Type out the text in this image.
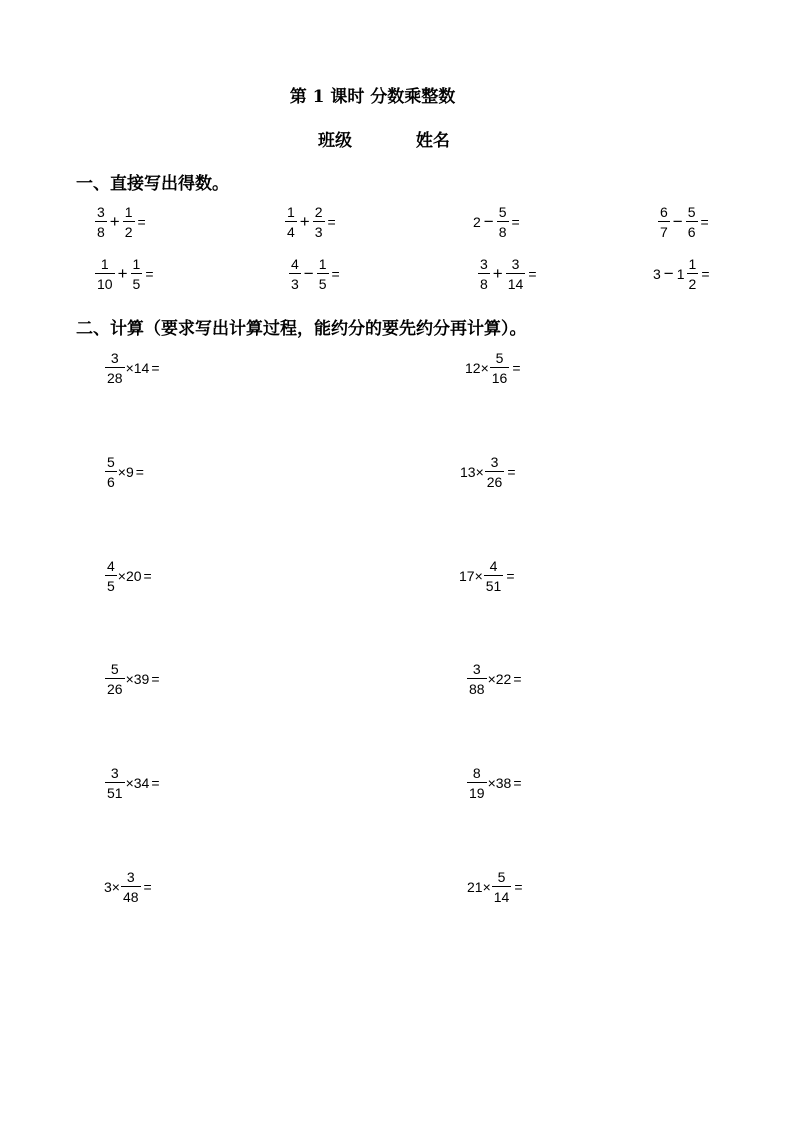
第 1 课时 分数乘整数
班级	姓名
一、直接写出得数。
$\frac{3}{8} + \frac{1}{2}$ =	$\frac{1}{4} + \frac{2}{3}$ =	$2 - \frac{5}{8}$ =	$\frac{6}{7} - \frac{5}{6}$ =
$\frac{1}{10} + \frac{1}{5}$ =	$\frac{4}{3} - \frac{1}{5}$ =	$\frac{3}{8} + \frac{3}{14}$ =	$3 - 1 \frac{1}{2}$ =
二、计算（要求写出计算过程，能约分的要先约分再计算）。
$\frac{3}{28} \times 14$ =	$12\times \frac{5}{16}$ =
$\frac{5}{6} \times 9$ =	$13\times \frac{3}{26}$ =
$\frac{4}{5} \times 20$ =	$17\times \frac{4}{51}$ =
$\frac{5}{26} \times 39$ =	$\frac{3}{88} \times 22$ =
$\frac{3}{51} \times 34$ =	$\frac{8}{19} \times 38$ =
$3\times \frac{3}{48}$ =	$21\times \frac{5}{14}$ =
